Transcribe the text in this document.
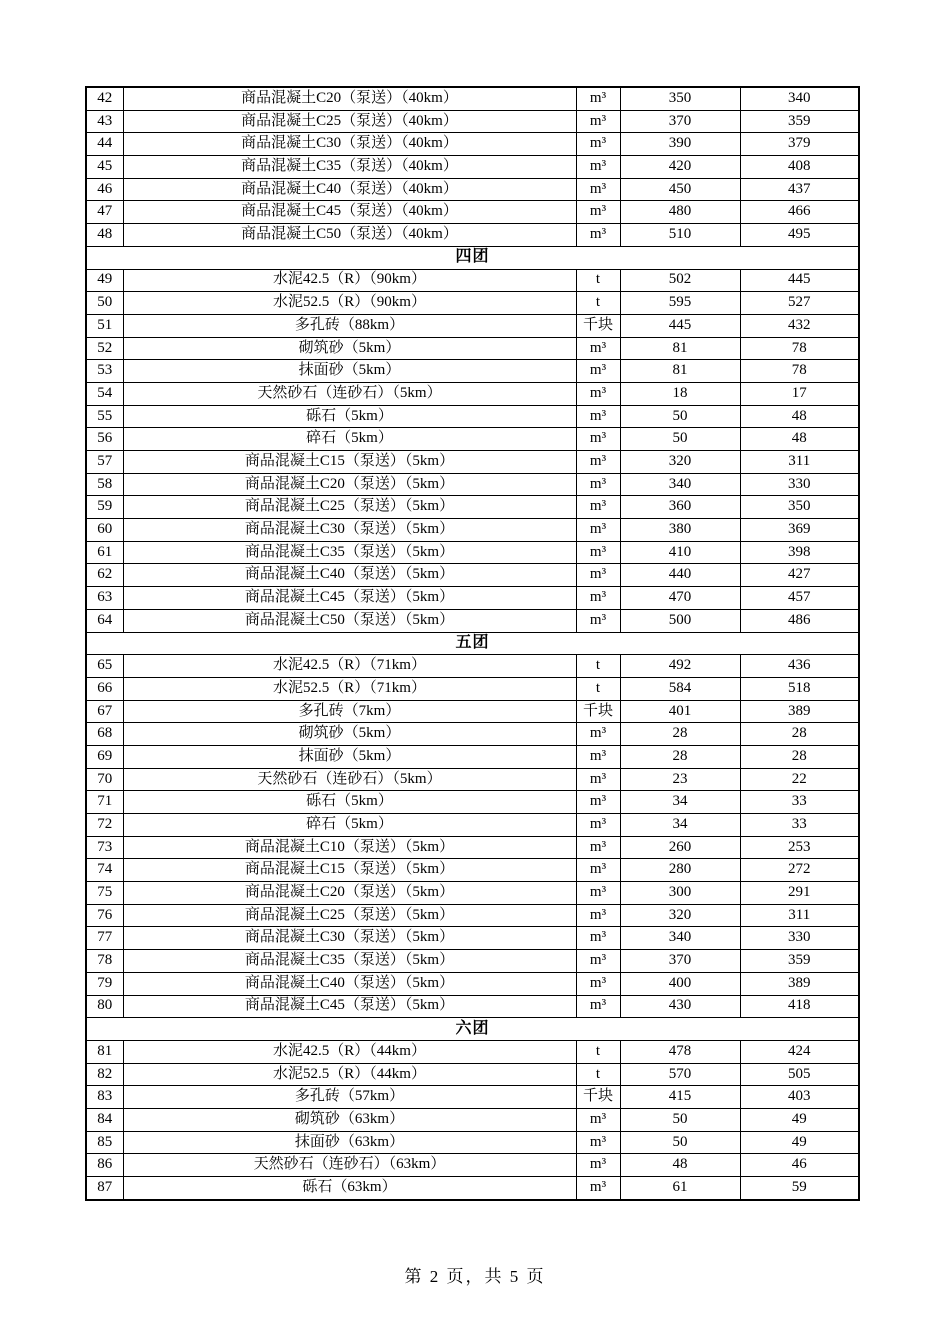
42	商品混凝土C20（泵送）（40km）	m³	350	340
43	商品混凝土C25（泵送）（40km）	m³	370	359
44	商品混凝土C30（泵送）（40km）	m³	390	379
45	商品混凝土C35（泵送）（40km）	m³	420	408
46	商品混凝土C40（泵送）（40km）	m³	450	437
47	商品混凝土C45（泵送）（40km）	m³	480	466
48	商品混凝土C50（泵送）（40km）	m³	510	495
四团				
49	水泥42.5（R）（90km）	t	502	445
50	水泥52.5（R）（90km）	t	595	527
51	多孔砖（88km）	千块	445	432
52	砌筑砂（5km）	m³	81	78
53	抹面砂（5km）	m³	81	78
54	天然砂石（连砂石）（5km）	m³	18	17
55	砾石（5km）	m³	50	48
56	碎石（5km）	m³	50	48
57	商品混凝土C15（泵送）（5km）	m³	320	311
58	商品混凝土C20（泵送）（5km）	m³	340	330
59	商品混凝土C25（泵送）（5km）	m³	360	350
60	商品混凝土C30（泵送）（5km）	m³	380	369
61	商品混凝土C35（泵送）（5km）	m³	410	398
62	商品混凝土C40（泵送）（5km）	m³	440	427
63	商品混凝土C45（泵送）（5km）	m³	470	457
64	商品混凝土C50（泵送）（5km）	m³	500	486
五团				
65	水泥42.5（R）（71km）	t	492	436
66	水泥52.5（R）（71km）	t	584	518
67	多孔砖（7km）	千块	401	389
68	砌筑砂（5km）	m³	28	28
69	抹面砂（5km）	m³	28	28
70	天然砂石（连砂石）（5km）	m³	23	22
71	砾石（5km）	m³	34	33
72	碎石（5km）	m³	34	33
73	商品混凝土C10（泵送）（5km）	m³	260	253
74	商品混凝土C15（泵送）（5km）	m³	280	272
75	商品混凝土C20（泵送）（5km）	m³	300	291
76	商品混凝土C25（泵送）（5km）	m³	320	311
77	商品混凝土C30（泵送）（5km）	m³	340	330
78	商品混凝土C35（泵送）（5km）	m³	370	359
79	商品混凝土C40（泵送）（5km）	m³	400	389
80	商品混凝土C45（泵送）（5km）	m³	430	418
六团				
81	水泥42.5（R）（44km）	t	478	424
82	水泥52.5（R）（44km）	t	570	505
83	多孔砖（57km）	千块	415	403
84	砌筑砂（63km）	m³	50	49
85	抹面砂（63km）	m³	50	49
86	天然砂石（连砂石）（63km）	m³	48	46
87	砾石（63km）	m³	61	59
第 2 页，共 5 页
